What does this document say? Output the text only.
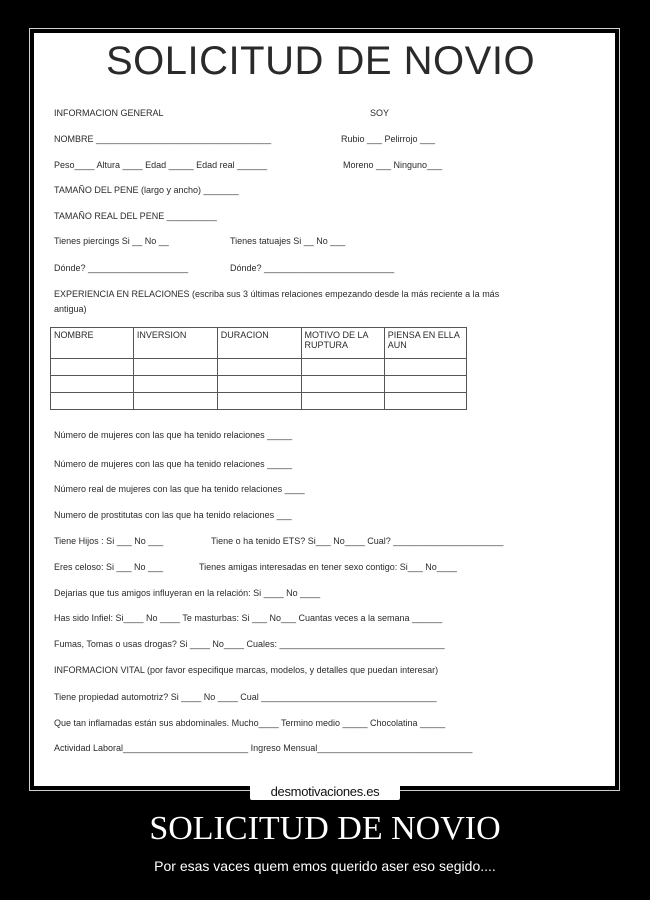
SOLICITUD DE NOVIO
INFORMACION GENERAL	SOY
NOMBRE ___________________________________	Rubio ___ Pelirrojo ___
Peso____ Altura ____ Edad _____ Edad real ______	Moreno ___ Ninguno___
TAMAÑO DEL PENE (largo y ancho) _______
TAMAÑO REAL DEL PENE __________
Tienes piercings Si __ No __	Tienes tatuajes Si __ No ___
Dónde? ____________________	Dónde? __________________________
EXPERIENCIA EN RELACIONES (escriba sus 3 últimas relaciones empezando desde la más reciente a la más
antigua)
NOMBRE	INVERSION	DURACION	MOTIVO DE LA RUPTURA	PIENSA EN ELLA AUN

Número de mujeres con las que ha tenido relaciones _____
Número de mujeres con las que ha tenido relaciones _____
Número real de mujeres con las que ha tenido relaciones ____
Numero de prostitutas con las que ha tenido relaciones ___
Tiene Hijos : Si ___ No ___	Tiene o ha tenido ETS? Si___ No____ Cual? ______________________
Eres celoso: Si ___ No ___	Tienes amigas interesadas en tener sexo contigo: Si___ No____
Dejarias que tus amigos influyeran en la relación: Si ____ No ____
Has sido Infiel: Si____ No ____ Te masturbas: Si ___ No___ Cuantas veces a la semana ______
Fumas, Tomas o usas drogas? Si ____ No____ Cuales: _________________________________
INFORMACION VITAL (por favor especifique marcas, modelos, y detalles que puedan interesar)
Tiene propiedad automotriz? Si ____ No ____ Cual ___________________________________
Que tan inflamadas están sus abdominales. Mucho____ Termino medio _____ Chocolatina _____
Actividad Laboral_________________________ Ingreso Mensual_______________________________
desmotivaciones.es
SOLICITUD DE NOVIO
Por esas vaces quem emos querido aser eso segido....
